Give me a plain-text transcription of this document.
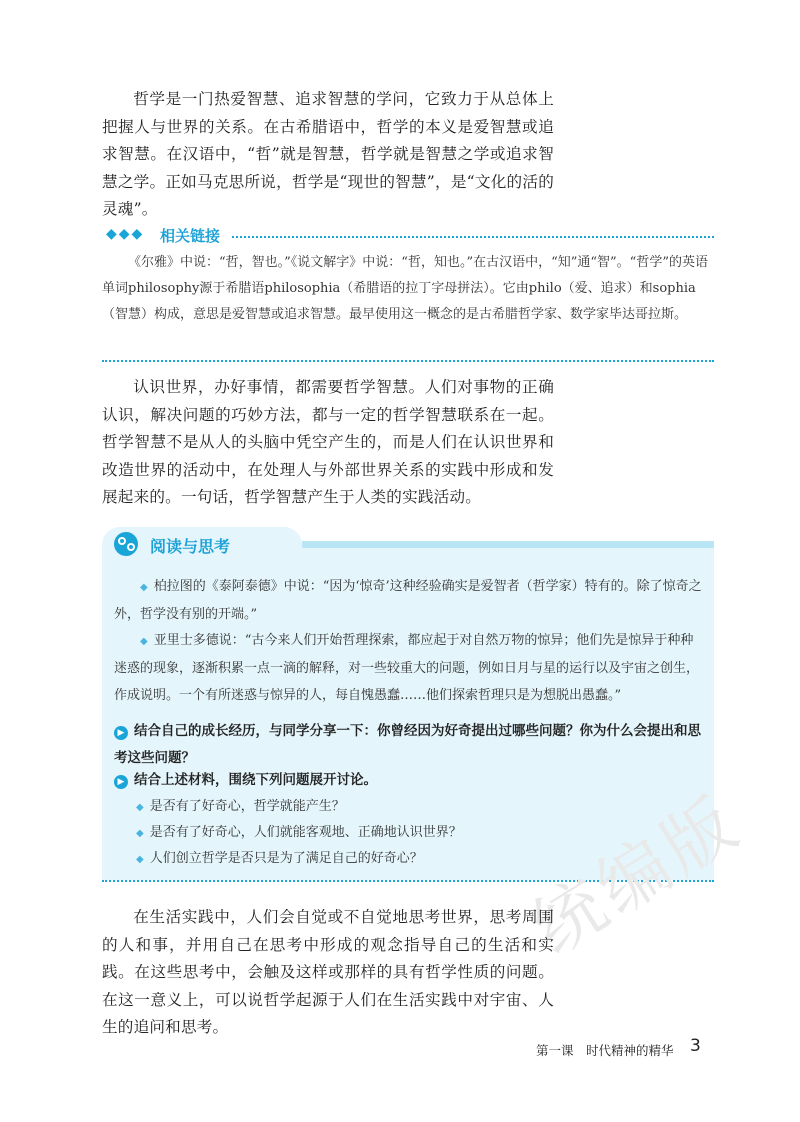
哲学是一门热爱智慧、追求智慧的学问，它致力于从总体上把握人与世界的关系。在古希腊语中，哲学的本义是爱智慧或追求智慧。在汉语中，“哲”就是智慧，哲学就是智慧之学或追求智慧之学。正如马克思所说，哲学是“现世的智慧”，是“文化的活的灵魂”。

◆◆◆ 相关链接

《尔雅》中说：“哲，智也。”《说文解字》中说：“哲，知也。”在古汉语中，“知”通“智”。“哲学”的英语单词philosophy源于希腊语philosophia（希腊语的拉丁字母拼法）。它由philo（爱、追求）和sophia（智慧）构成，意思是爱智慧或追求智慧。最早使用这一概念的是古希腊哲学家、数学家毕达哥拉斯。

认识世界，办好事情，都需要哲学智慧。人们对事物的正确认识，解决问题的巧妙方法，都与一定的哲学智慧联系在一起。哲学智慧不是从人的头脑中凭空产生的，而是人们在认识世界和改造世界的活动中，在处理人与外部世界关系的实践中形成和发展起来的。一句话，哲学智慧产生于人类的实践活动。

阅读与思考

◆ 柏拉图的《泰阿泰德》中说：“因为‘惊奇’这种经验确实是爱智者（哲学家）特有的。除了惊奇之外，哲学没有别的开端。”

◆ 亚里士多德说：“古今来人们开始哲理探索，都应起于对自然万物的惊异；他们先是惊异于种种迷惑的现象，逐渐积累一点一滴的解释，对一些较重大的问题，例如日月与星的运行以及宇宙之创生，作成说明。一个有所迷惑与惊异的人，每自愧愚蠢……他们探索哲理只是为想脱出愚蠢。”

▶ 结合自己的成长经历，与同学分享一下：你曾经因为好奇提出过哪些问题？你为什么会提出和思考这些问题？

▶ 结合上述材料，围绕下列问题展开讨论。

◆ 是否有了好奇心，哲学就能产生？

◆ 是否有了好奇心，人们就能客观地、正确地认识世界？

◆ 人们创立哲学是否只是为了满足自己的好奇心？	统编版

在生活实践中，人们会自觉或不自觉地思考世界，思考周围的人和事，并用自己在思考中形成的观念指导自己的生活和实践。在这些思考中，会触及这样或那样的具有哲学性质的问题。在这一意义上，可以说哲学起源于人们在生活实践中对宇宙、人生的追问和思考。

第一课　时代精神的精华 3
